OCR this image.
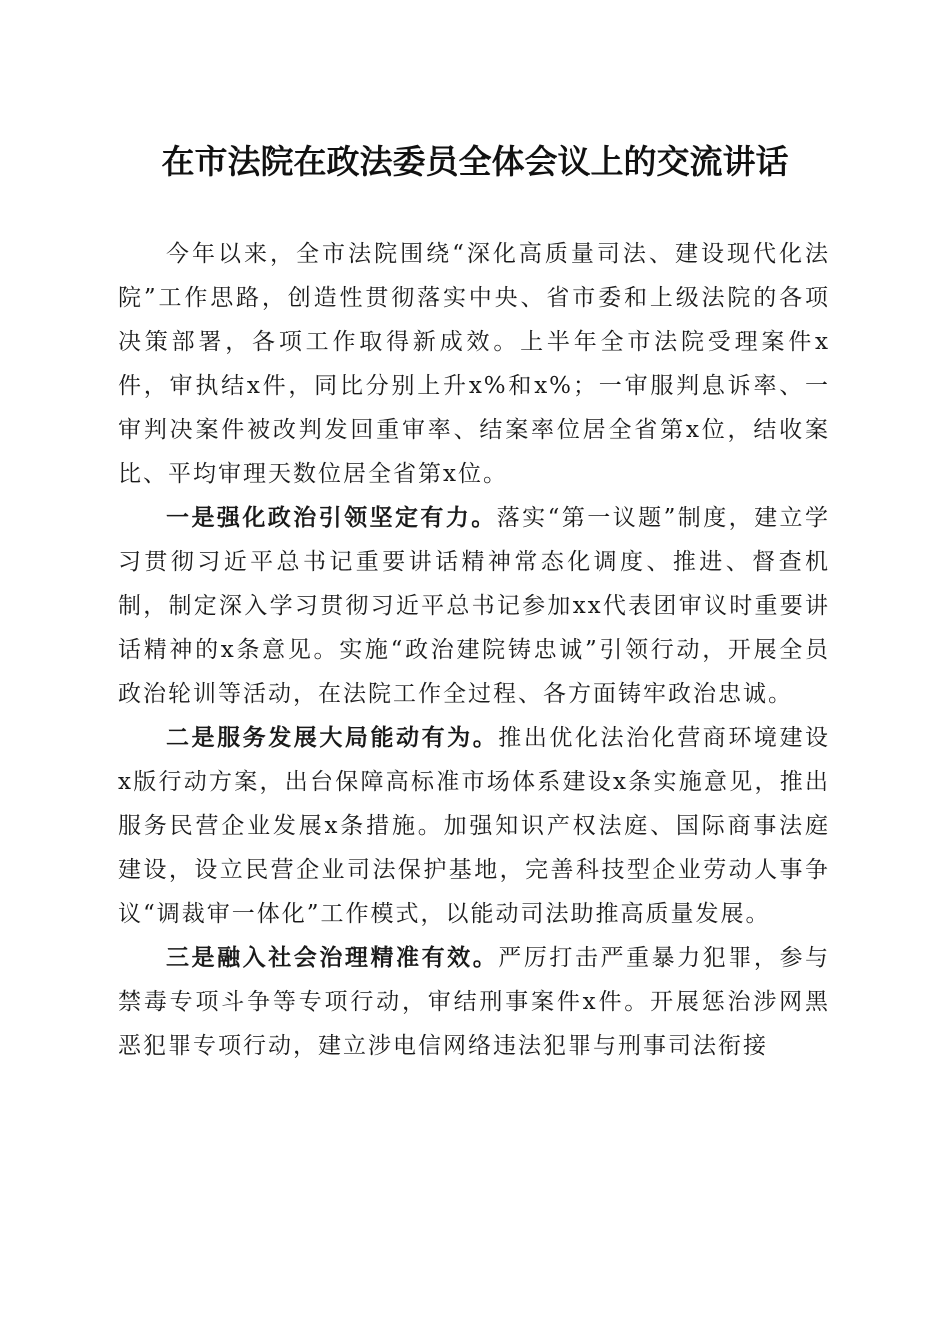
在市法院在政法委员全体会议上的交流讲话

今年以来，全市法院围绕“深化高质量司法、建设现代化法院”工作思路，创造性贯彻落实中央、省市委和上级法院的各项决策部署，各项工作取得新成效。上半年全市法院受理案件x件，审执结x件，同比分别上升x%和x%；一审服判息诉率、一审判决案件被改判发回重审率、结案率位居全省第x位，结收案比、平均审理天数位居全省第x位。

一是强化政治引领坚定有力。落实“第一议题”制度，建立学习贯彻习近平总书记重要讲话精神常态化调度、推进、督查机制，制定深入学习贯彻习近平总书记参加xx代表团审议时重要讲话精神的x条意见。实施“政治建院铸忠诚”引领行动，开展全员政治轮训等活动，在法院工作全过程、各方面铸牢政治忠诚。

二是服务发展大局能动有为。推出优化法治化营商环境建设x版行动方案，出台保障高标准市场体系建设x条实施意见，推出服务民营企业发展x条措施。加强知识产权法庭、国际商事法庭建设，设立民营企业司法保护基地，完善科技型企业劳动人事争议“调裁审一体化”工作模式，以能动司法助推高质量发展。

三是融入社会治理精准有效。严厉打击严重暴力犯罪，参与禁毒专项斗争等专项行动，审结刑事案件x件。开展惩治涉网黑恶犯罪专项行动，建立涉电信网络违法犯罪与刑事司法衔接
